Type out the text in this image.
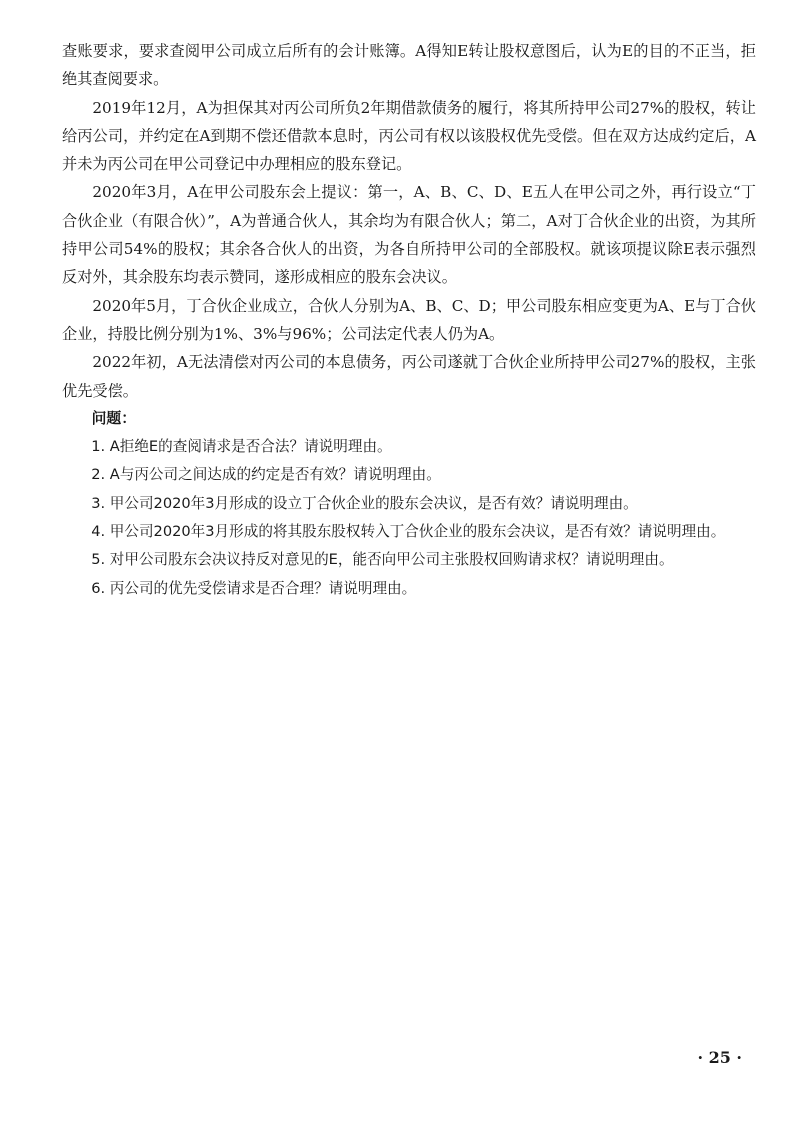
查账要求，要求查阅甲公司成立后所有的会计账簿。A得知E转让股权意图后，认为E的目的不正当，拒绝其查阅要求。

2019年12月，A为担保其对丙公司所负2年期借款债务的履行，将其所持甲公司27%的股权，转让给丙公司，并约定在A到期不偿还借款本息时，丙公司有权以该股权优先受偿。但在双方达成约定后，A并未为丙公司在甲公司登记中办理相应的股东登记。

2020年3月，A在甲公司股东会上提议：第一，A、B、C、D、E五人在甲公司之外，再行设立“丁合伙企业（有限合伙）”，A为普通合伙人，其余均为有限合伙人；第二，A对丁合伙企业的出资，为其所持甲公司54%的股权；其余各合伙人的出资，为各自所持甲公司的全部股权。就该项提议除E表示强烈反对外，其余股东均表示赞同，遂形成相应的股东会决议。

2020年5月，丁合伙企业成立，合伙人分别为A、B、C、D；甲公司股东相应变更为A、E与丁合伙企业，持股比例分别为1%、3%与96%；公司法定代表人仍为A。

2022年初，A无法清偿对丙公司的本息债务，丙公司遂就丁合伙企业所持甲公司27%的股权，主张优先受偿。

问题：

1. A拒绝E的查阅请求是否合法？请说明理由。

2. A与丙公司之间达成的约定是否有效？请说明理由。

3. 甲公司2020年3月形成的设立丁合伙企业的股东会决议，是否有效？请说明理由。

4. 甲公司2020年3月形成的将其股东股权转入丁合伙企业的股东会决议，是否有效？请说明理由。

5. 对甲公司股东会决议持反对意见的E，能否向甲公司主张股权回购请求权？请说明理由。

6. 丙公司的优先受偿请求是否合理？请说明理由。

· 25 ·
